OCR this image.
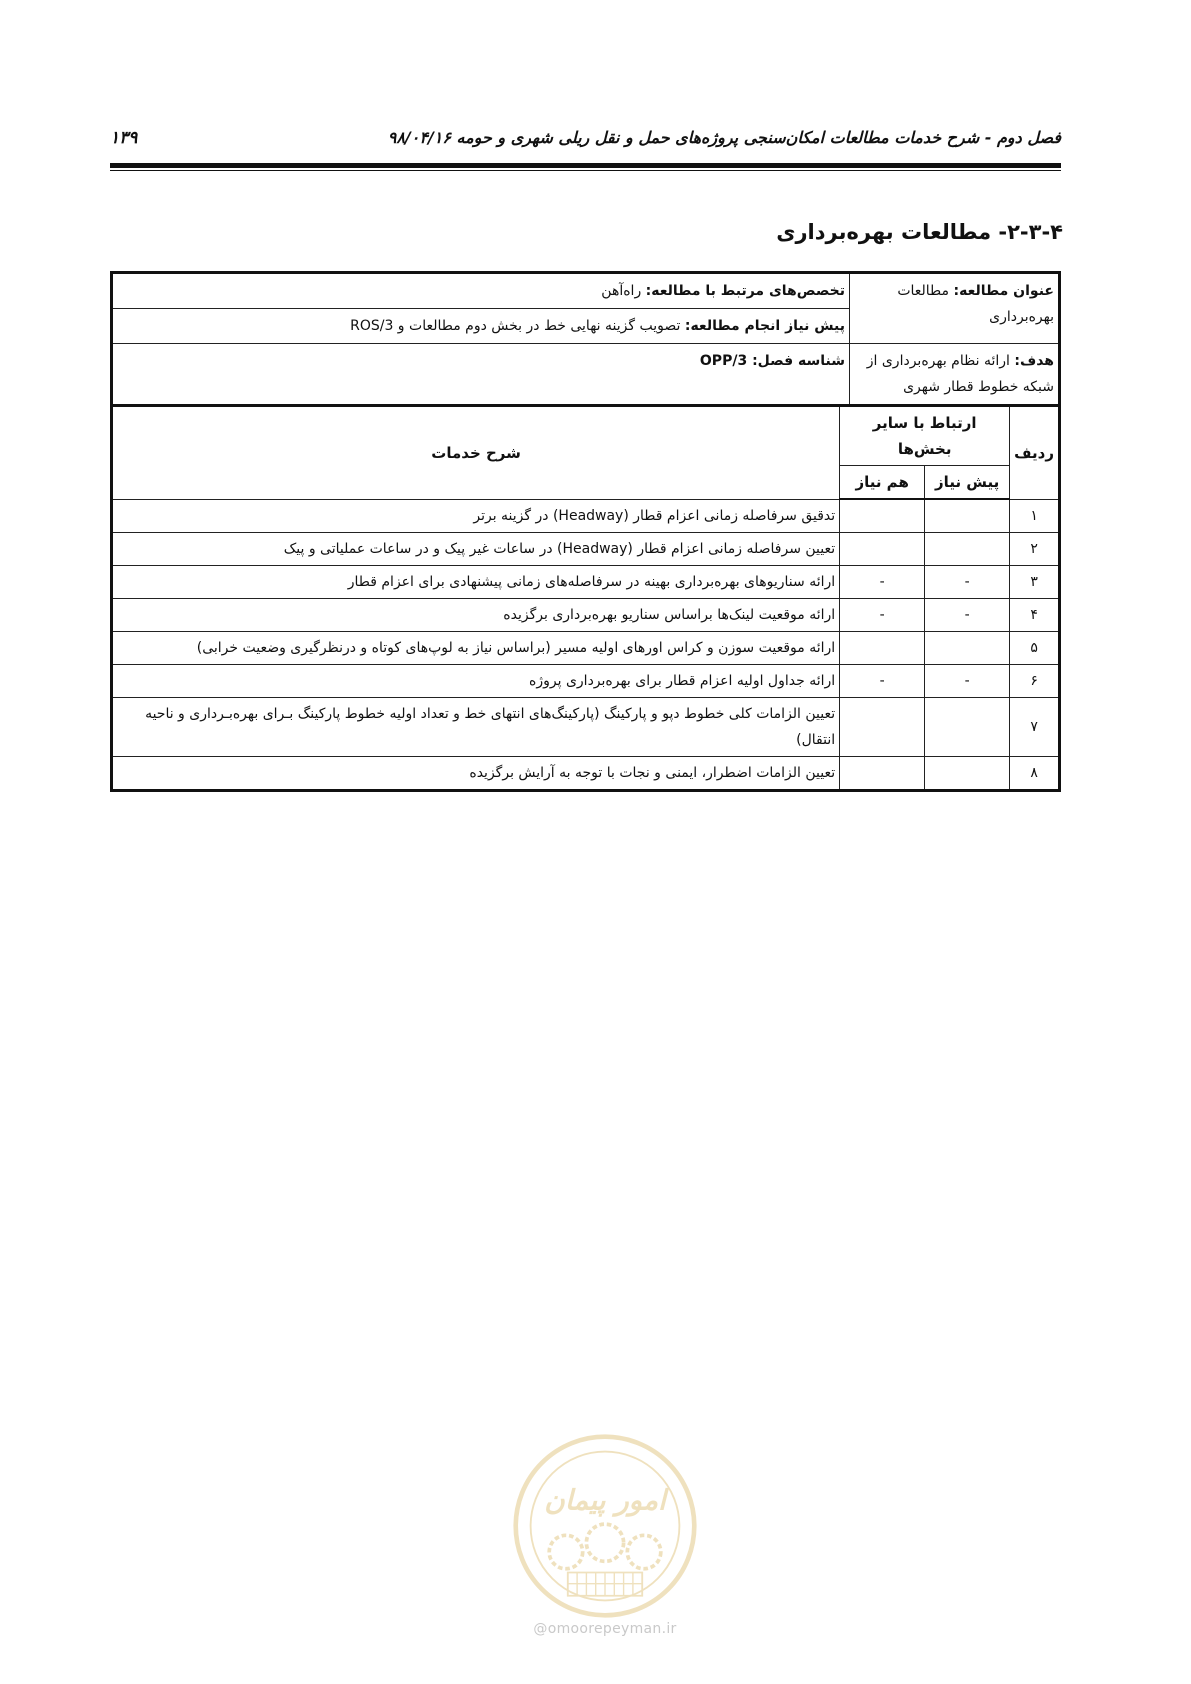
فصل دوم - شرح خدمات مطالعات امکان‌سنجی پروژه‌های حمل و نقل ریلی شهری و حومه ۹۸/۰۴/۱۶
۱۳۹
۲-۳-۴- مطالعات بهره‌برداری
عنوان مطالعه: مطالعات بهره‌برداری	تخصص‌های مرتبط با مطالعه: راه‌آهن
پیش نیاز انجام مطالعه: تصویب گزینه نهایی خط در بخش دوم مطالعات و ROS/3

هدف: ارائه نظام بهره‌برداری از شبکه خطوط قطار شهری	شناسه فصل: OPP/3
ردیف	ارتباط با سایر بخش‌ها		شرح خدمات
	پیش نیاز	هم نیاز	
۱			تدقیق سرفاصله زمانی اعزام قطار (Headway) در گزینه برتر
۲			تعیین سرفاصله زمانی اعزام قطار (Headway) در ساعات غیر پیک و در ساعات عملیاتی و پیک
۳	-	-	ارائه سناریوهای بهره‌برداری بهینه در سرفاصله‌های زمانی پیشنهادی برای اعزام قطار
۴	-	-	ارائه موقعیت لینک‌ها براساس سناریو بهره‌برداری برگزیده
۵			ارائه موقعیت سوزن و کراس اورهای اولیه مسیر (براساس نیاز به لوپ‌های کوتاه و درنظرگیری وضعیت خرابی)
۶	-	-	ارائه جداول اولیه اعزام قطار برای بهره‌برداری پروژه
۷			تعیین الزامات کلی خطوط دپو و پارکینگ (پارکینگ‌های انتهای خط و تعداد اولیه خطوط پارکینگ بـرای بهره‌بـرداری و ناحیه انتقال)
۸			تعیین الزامات اضطرار، ایمنی و نجات با توجه به آرایش برگزیده
امور پیمان
@omoorepeyman.ir
